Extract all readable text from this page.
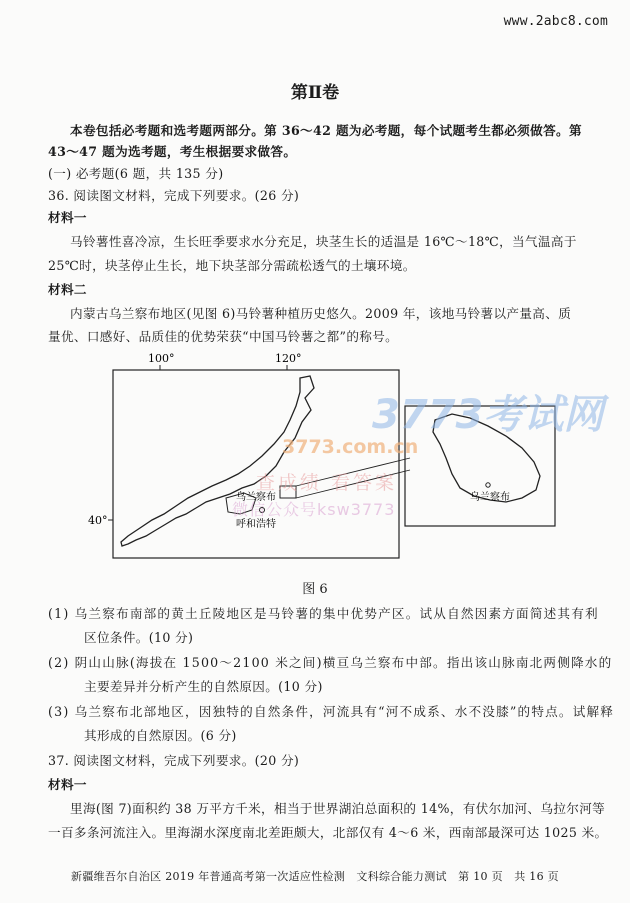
www.2abc8.com
第Ⅱ卷
本卷包括必考题和选考题两部分。第 36～42 题为必考题，每个试题考生都必须做答。第
43～47 题为选考题，考生根据要求做答。
(一) 必考题(6 题，共 135 分)
36. 阅读图文材料，完成下列要求。(26 分)
材料一
马铃薯性喜冷凉，生长旺季要求水分充足，块茎生长的适温是 16℃～18℃，当气温高于
25℃时，块茎停止生长，地下块茎部分需疏松透气的土壤环境。
材料二
内蒙古乌兰察布地区(见图 6)马铃薯种植历史悠久。2009 年，该地马铃薯以产量高、质
量优、口感好、品质佳的优势荣获“中国马铃薯之都”的称号。
100°	120°
40°
乌兰察布
呼和浩特
乌兰察布
3773考试网
3773.com.cn
查成绩 看答案
微信公众号ksw3773
图 6
(1) 乌兰察布南部的黄土丘陵地区是马铃薯的集中优势产区。试从自然因素方面简述其有利
区位条件。(10 分)
(2) 阴山山脉(海拔在 1500～2100 米之间)横亘乌兰察布中部。指出该山脉南北两侧降水的
主要差异并分析产生的自然原因。(10 分)
(3) 乌兰察布北部地区，因独特的自然条件，河流具有“河不成系、水不没膝”的特点。试解释
其形成的自然原因。(6 分)
37. 阅读图文材料，完成下列要求。(20 分)
材料一
里海(图 7)面积约 38 万平方千米，相当于世界湖泊总面积的 14%，有伏尔加河、乌拉尔河等
一百多条河流注入。里海湖水深度南北差距颇大，北部仅有 4～6 米，西南部最深可达 1025 米。
新疆维吾尔自治区 2019 年普通高考第一次适应性检测　文科综合能力测试　第 10 页　共 16 页
